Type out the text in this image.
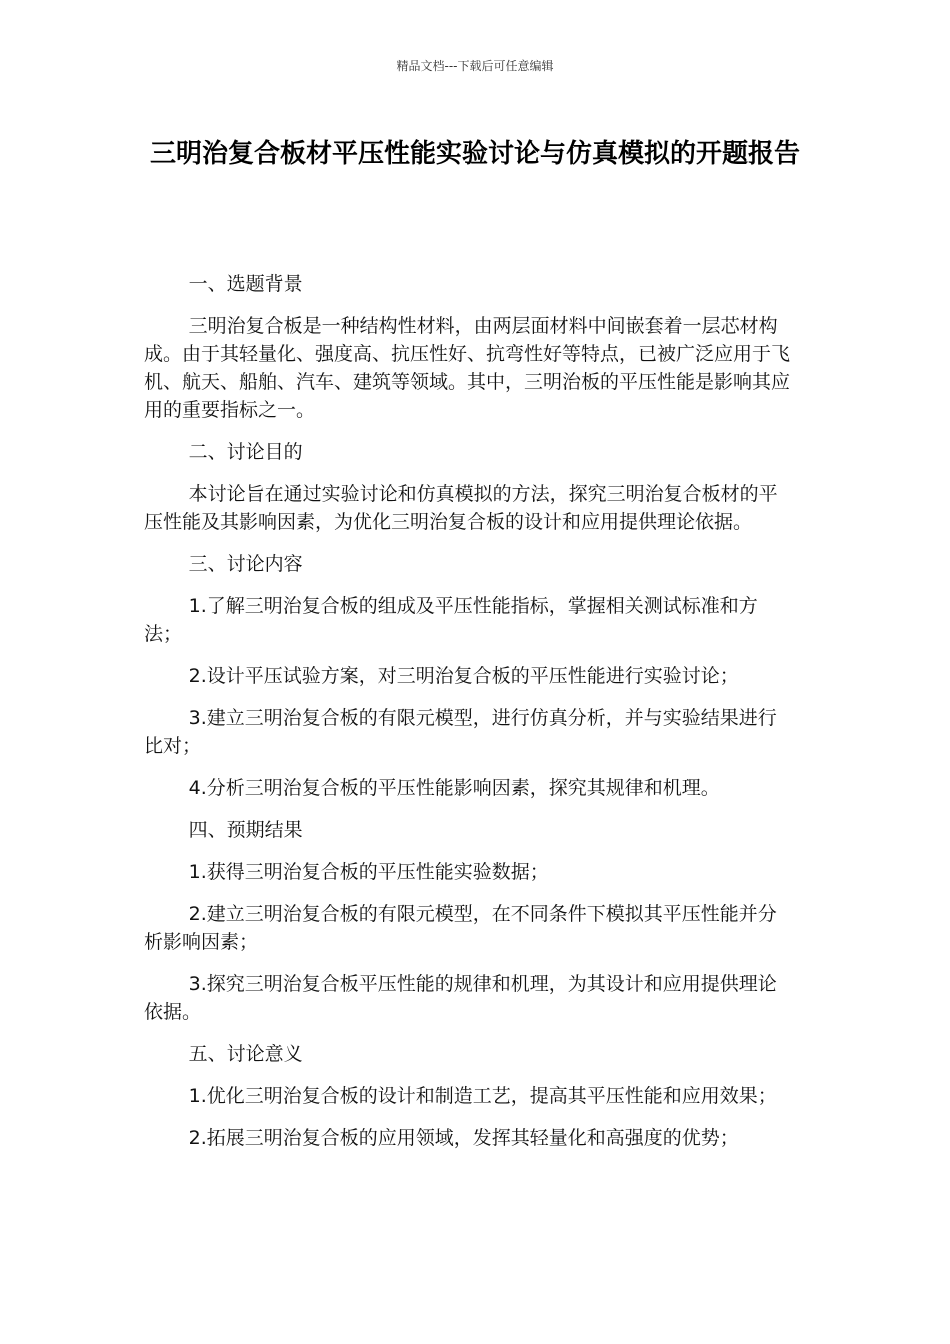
精品文档---下载后可任意编辑
三明治复合板材平压性能实验讨论与仿真模拟的开题报告

一、选题背景

三明治复合板是一种结构性材料，由两层面材料中间嵌套着一层芯材构成。由于其轻量化、强度高、抗压性好、抗弯性好等特点，已被广泛应用于飞机、航天、船舶、汽车、建筑等领域。其中，三明治板的平压性能是影响其应用的重要指标之一。

二、讨论目的

本讨论旨在通过实验讨论和仿真模拟的方法，探究三明治复合板材的平压性能及其影响因素，为优化三明治复合板的设计和应用提供理论依据。

三、讨论内容

1.了解三明治复合板的组成及平压性能指标，掌握相关测试标准和方法；

2.设计平压试验方案，对三明治复合板的平压性能进行实验讨论；

3.建立三明治复合板的有限元模型，进行仿真分析，并与实验结果进行比对；

4.分析三明治复合板的平压性能影响因素，探究其规律和机理。

四、预期结果

1.获得三明治复合板的平压性能实验数据；

2.建立三明治复合板的有限元模型，在不同条件下模拟其平压性能并分析影响因素；

3.探究三明治复合板平压性能的规律和机理，为其设计和应用提供理论依据。

五、讨论意义

1.优化三明治复合板的设计和制造工艺，提高其平压性能和应用效果；

2.拓展三明治复合板的应用领域，发挥其轻量化和高强度的优势；
